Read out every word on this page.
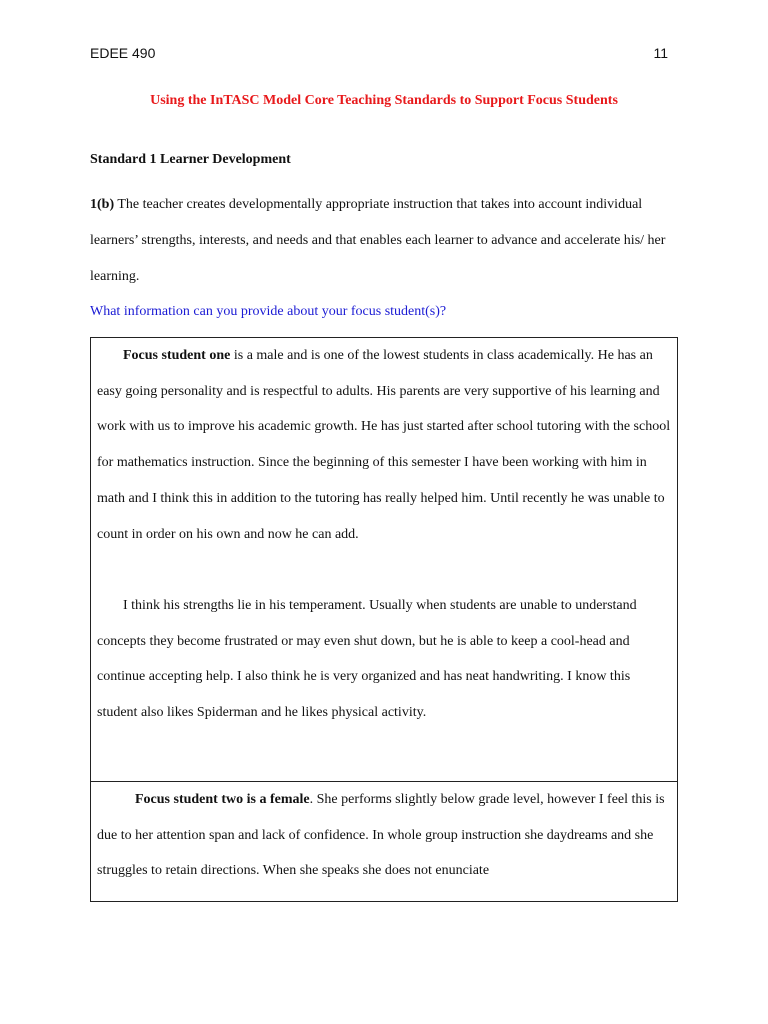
EDEE 490	11
Using the InTASC Model Core Teaching Standards to Support Focus Students
Standard 1 Learner Development
1(b) The teacher creates developmentally appropriate instruction that takes into account individual learners’ strengths, interests, and needs and that enables each learner to advance and accelerate his/ her learning.
What information can you provide about your focus student(s)?

Focus student one is a male and is one of the lowest students in class academically. He has an easy going personality and is respectful to adults. His parents are very supportive of his learning and work with us to improve his academic growth. He has just started after school tutoring with the school for mathematics instruction. Since the beginning of this semester I have been working with him in math and I think this in addition to the tutoring has really helped him. Until recently he was unable to count in order on his own and now he can add.

I think his strengths lie in his temperament. Usually when students are unable to understand concepts they become frustrated or may even shut down, but he is able to keep a cool-head and continue accepting help. I also think he is very organized and has neat handwriting. I know this student also likes Spiderman and he likes physical activity.

Focus student two is a female. She performs slightly below grade level, however I feel this is due to her attention span and lack of confidence. In whole group instruction she daydreams and she struggles to retain directions. When she speaks she does not enunciate
